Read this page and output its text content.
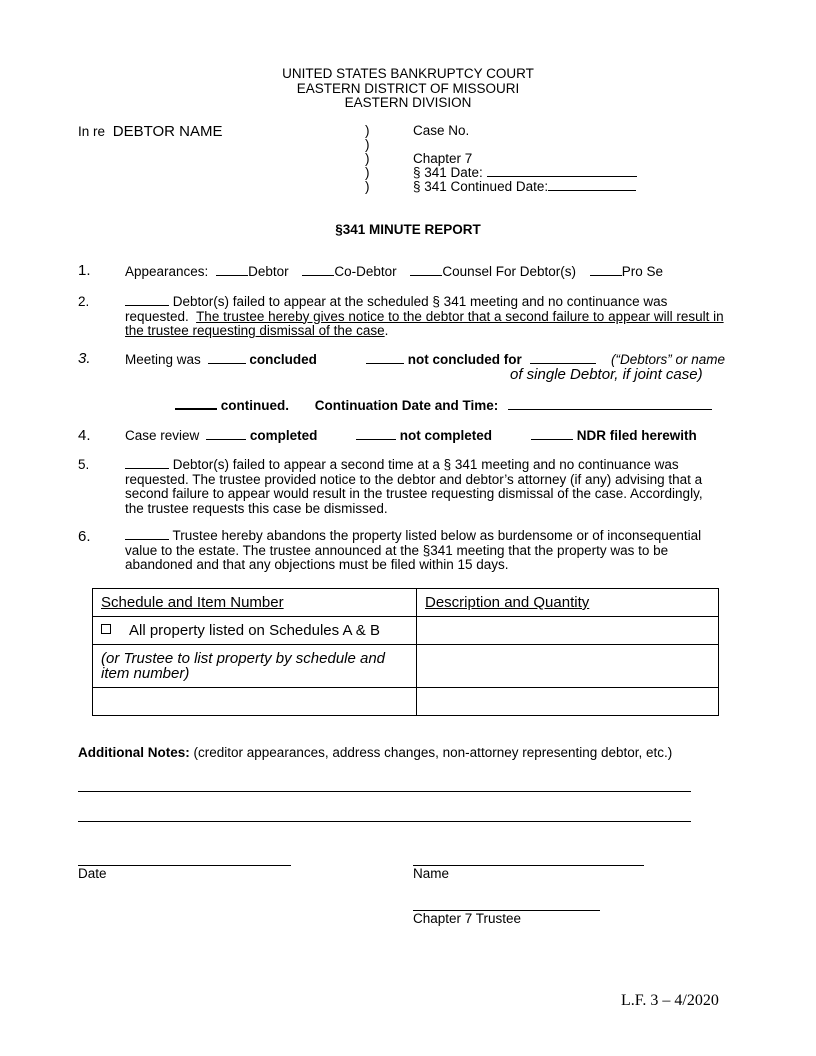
UNITED STATES BANKRUPTCY COURT
EASTERN DISTRICT OF MISSOURI
EASTERN DIVISION
In re DEBTOR NAME	)
)
)
)
)
Case No.

Chapter 7
§ 341 Date:
§ 341 Continued Date:
§341 MINUTE REPORT
1.	Appearances:	Debtor	Co-Debtor	Counsel For Debtor(s)	Pro Se
2.	Debtor(s) failed to appear at the scheduled § 341 meeting and no continuance was requested. The trustee hereby gives notice to the debtor that a second failure to appear will result in the trustee requesting dismissal of the case.
3.	Meeting was	concluded	not concluded for	(“Debtors” or name
of single Debtor, if joint case)
continued. Continuation Date and Time:
4.	Case review	completed	not completed	NDR filed herewith
5.	Debtor(s) failed to appear a second time at a § 341 meeting and no continuance was requested. The trustee provided notice to the debtor and debtor’s attorney (if any) advising that a second failure to appear would result in the trustee requesting dismissal of the case. Accordingly, the trustee requests this case be dismissed.
6.	Trustee hereby abandons the property listed below as burdensome or of inconsequential value to the estate. The trustee announced at the §341 meeting that the property was to be abandoned and that any objections must be filed within 15 days.
Schedule and Item Number	Description and Quantity
All property listed on Schedules A & B	
(or Trustee to list property by schedule and item number)	

Additional Notes: (creditor appearances, address changes, non-attorney representing debtor, etc.)
Date	Name
Chapter 7 Trustee
L.F. 3 – 4/2020
